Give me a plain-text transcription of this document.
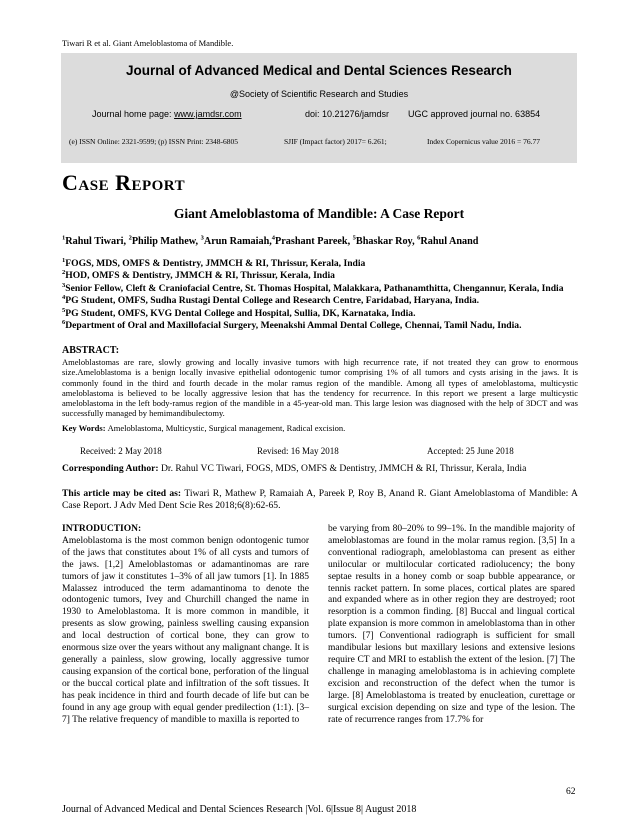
Tiwari R et al. Giant Ameloblastoma of Mandible.
Journal of Advanced Medical and Dental Sciences Research
@Society of Scientific Research and Studies
Journal home page: www.jamdsr.com	doi: 10.21276/jamdsr UGC approved journal no. 63854
(e) ISSN Online: 2321-9599; (p) ISSN Print: 2348-6805	SJIF (Impact factor) 2017= 6.261;	Index Copernicus value 2016 = 76.77
Case Report
Giant Ameloblastoma of Mandible: A Case Report
$^1$Rahul Tiwari, $^2$Philip Mathew, $^3$Arun Ramaiah,$^4$Prashant Pareek, $^5$Bhaskar Roy, $^6$Rahul Anand
$^1$FOGS, MDS, OMFS & Dentistry, JMMCH & RI, Thrissur, Kerala, India
$^2$HOD, OMFS & Dentistry, JMMCH & RI, Thrissur, Kerala, India
$^3$Senior Fellow, Cleft & Craniofacial Centre, St. Thomas Hospital, Malakkara, Pathanamthitta, Chengannur, Kerala, India
$^4$PG Student, OMFS, Sudha Rustagi Dental College and Research Centre, Faridabad, Haryana, India.
$^5$PG Student, OMFS, KVG Dental College and Hospital, Sullia, DK, Karnataka, India.
$^6$Department of Oral and Maxillofacial Surgery, Meenakshi Ammal Dental College, Chennai, Tamil Nadu, India.
ABSTRACT:
Ameloblastomas are rare, slowly growing and locally invasive tumors with high recurrence rate, if not treated they can grow to enormous size.Ameloblastoma is a benign locally invasive epithelial odontogenic tumor comprising 1% of all tumors and cysts arising in the jaws. It is commonly found in the third and fourth decade in the molar ramus region of the mandible. Among all types of ameloblastoma, multicystic ameloblastoma is believed to be locally aggressive lesion that has the tendency for recurrence. In this report we present a large multicystic ameloblastoma in the left body-ramus region of the mandible in a 45-year-old man. This large lesion was diagnosed with the help of 3DCT and was successfully managed by hemimandibulectomy.
Key Words: Ameloblastoma, Multicystic, Surgical management, Radical excision.
Received: 2 May 2018	Revised: 16 May 2018	Accepted: 25 June 2018
Corresponding Author: Dr. Rahul VC Tiwari, FOGS, MDS, OMFS & Dentistry, JMMCH & RI, Thrissur, Kerala, India
This article may be cited as: Tiwari R, Mathew P, Ramaiah A, Pareek P, Roy B, Anand R. Giant Ameloblastoma of Mandible: A Case Report. J Adv Med Dent Scie Res 2018;6(8):62-65.
INTRODUCTION:
Ameloblastoma is the most common benign odontogenic tumor of the jaws that constitutes about 1% of all cysts and tumors of the jaws. [1,2] Ameloblastomas or adamantinomas are rare tumors of jaw it constitutes 1–3% of all jaw tumors [1]. In 1885 Malassez introduced the term adamantinoma to denote the odontogenic tumors, Ivey and Churchill changed the name in 1930 to Ameloblastoma. It is more common in mandible, it presents as slow growing, painless swelling causing expansion and local destruction of cortical bone, they can grow to enormous size over the years without any malignant change. It is generally a painless, slow growing, locally aggressive tumor causing expansion of the cortical bone, perforation of the lingual or the buccal cortical plate and infiltration of the soft tissues. It has peak incidence in third and fourth decade of life but can be found in any age group with equal gender predilection (1:1). [3–7] The relative frequency of mandible to maxilla is reported to
be varying from 80–20% to 99–1%. In the mandible majority of ameloblastomas are found in the molar ramus region. [3,5] In a conventional radiograph, ameloblastoma can present as either unilocular or multilocular corticated radiolucency; the bony septae results in a honey comb or soap bubble appearance, or tennis racket pattern. In some places, cortical plates are spared and expanded where as in other region they are destroyed; root resorption is a common finding. [8] Buccal and lingual cortical plate expansion is more common in ameloblastoma than in other tumors. [7] Conventional radiograph is sufficient for small mandibular lesions but maxillary lesions and extensive lesions require CT and MRI to establish the extent of the lesion. [7] The challenge in managing ameloblastoma is in achieving complete excision and reconstruction of the defect when the tumor is large. [8] Ameloblastoma is treated by enucleation, curettage or surgical excision depending on size and type of the lesion. The rate of recurrence ranges from 17.7% for
62
Journal of Advanced Medical and Dental Sciences Research |Vol. 6|Issue 8| August 2018
